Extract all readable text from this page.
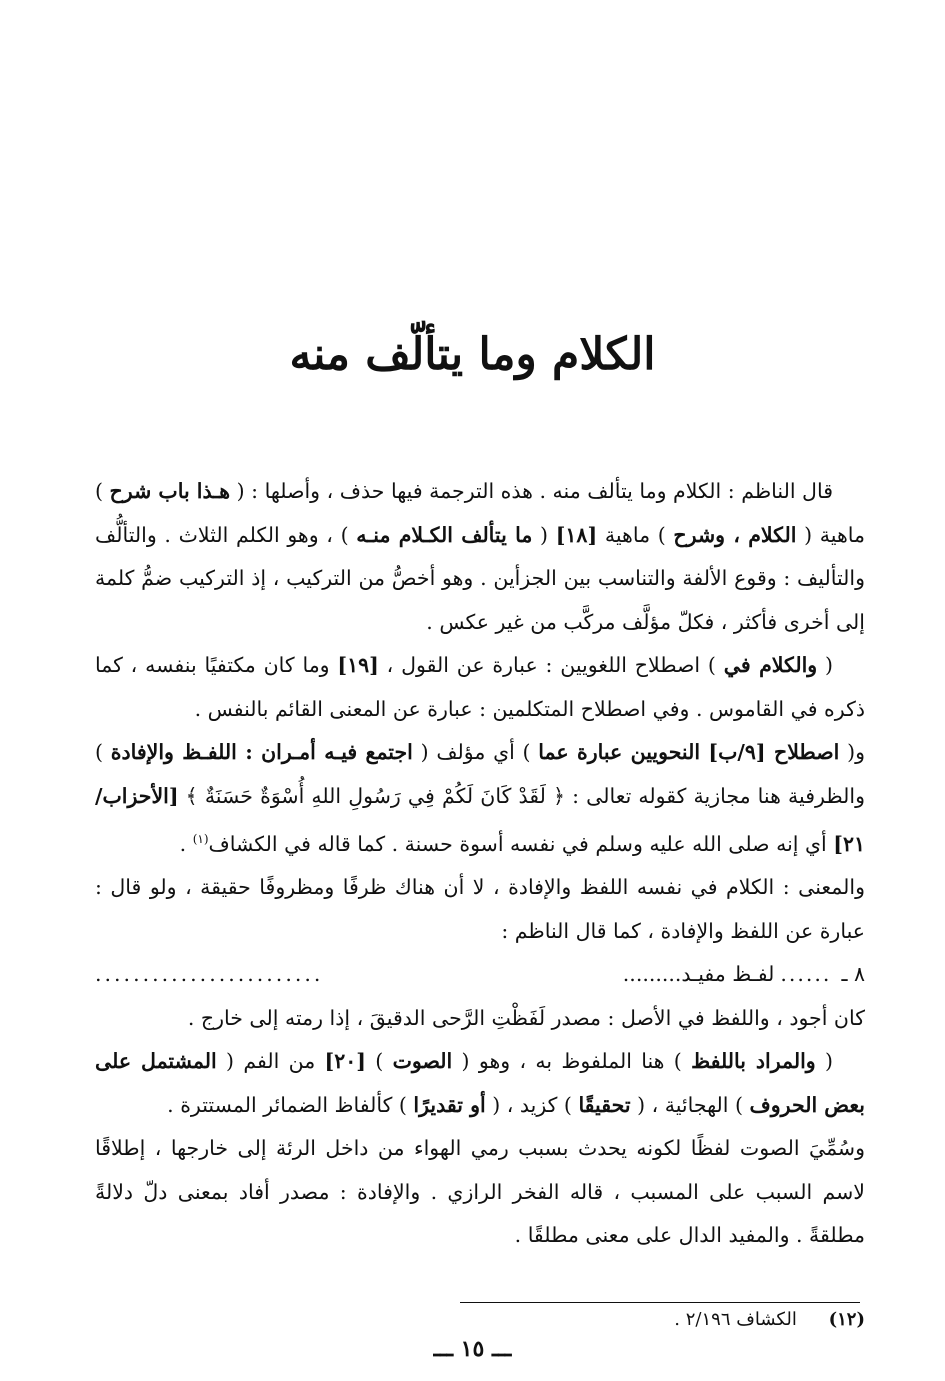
الكلام وما يتألّف منه

قال الناظم : الكلام وما يتألف منه . هذه الترجمة فيها حذف ، وأصلها : ( هـذا باب شرح ) ماهية ( الكلام ، وشرح ) ماهية [١٨] ( ما يتألف الكـلام منـه ) ، وهو الكلم الثلاث . والتألُّف والتأليف : وقوع الألفة والتناسب بين الجزأين . وهو أخصُّ من التركيب ، إذ التركيب ضمُّ كلمة إلى أخرى فأكثر ، فكلّ مؤلَّف مركَّب من غير عكس .

( والكلام في ) اصطلاح اللغويين : عبارة عن القول ، [١٩] وما كان مكتفيًا بنفسه ، كما ذكره في القاموس . وفي اصطلاح المتكلمين : عبارة عن المعنى القائم بالنفس .

و( اصطلاح [٩/ب] النحويين عبارة عما ) أي مؤلف ( اجتمع فيـه أمـران : اللفـظ والإفادة ) والظرفية هنا مجازية كقوله تعالى : ﴿ لَقَدْ كَانَ لَكُمْ فِي رَسُولِ اللهِ أُسْوَةٌ حَسَنَةٌ ﴾ [الأحزاب/٢١] أي إنه صلى الله عليه وسلم في نفسه أسوة حسنة . كما قاله في الكشاف$^{(١)}$ .

والمعنى : الكلام في نفسه اللفظ والإفادة ، لا أن هناك ظرفًا ومظروفًا حقيقة ، ولو قال : عبارة عن اللفظ والإفادة ، كما قال الناظم :

٨ ـ
......
لفـظ مفيـد.........
........................

كان أجود ، واللفظ في الأصل : مصدر لَفَظْتِ الرَّحى الدقيقَ ، إذا رمته إلى خارج .

( والمراد باللفظ ) هنا الملفوظ به ، وهو ( الصوت ) [٢٠] من الفم ( المشتمل على بعض الحروف ) الهجائية ، ( تحقيقًا ) كزيد ، ( أو تقديرًا ) كألفاظ الضمائر المستترة .

وسُمِّيَ الصوت لفظًا لكونه يحدث بسبب رمي الهواء من داخل الرئة إلى خارجها ، إطلاقًا لاسم السبب على المسبب ، قاله الفخر الرازي . والإفادة : مصدر أفاد بمعنى دلّ دلالةً مطلقةً . والمفيد الدال على معنى مطلقًا .

(١٢) الكشاف ٢/١٩٦ .
ـــ ١٥ ـــ
